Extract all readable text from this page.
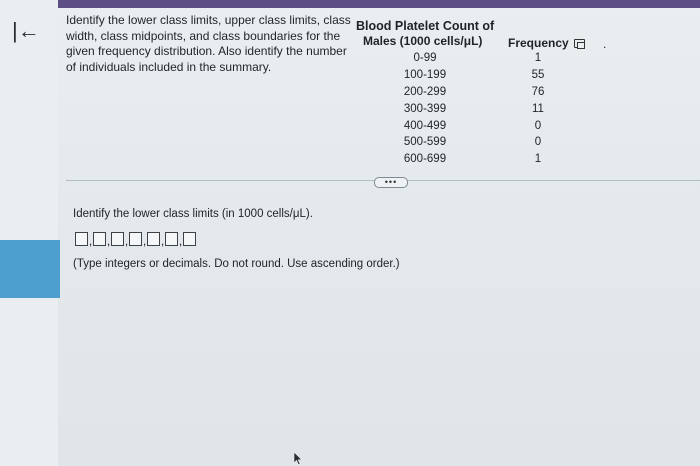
|← Identify the lower class limits, upper class limits, class width, class midpoints, and class boundaries for the given frequency distribution. Also identify the number of individuals included in the summary.
Blood Platelet Count of
Males (1000 cells/μL) Frequency	.
0-99	1
100-199	55
200-299	76
300-399	11
400-499	0
500-599	0
600-699	1
•••
Identify the lower class limits (in 1000 cells/μL).
, , , , , ,
(Type integers or decimals. Do not round. Use ascending order.)
